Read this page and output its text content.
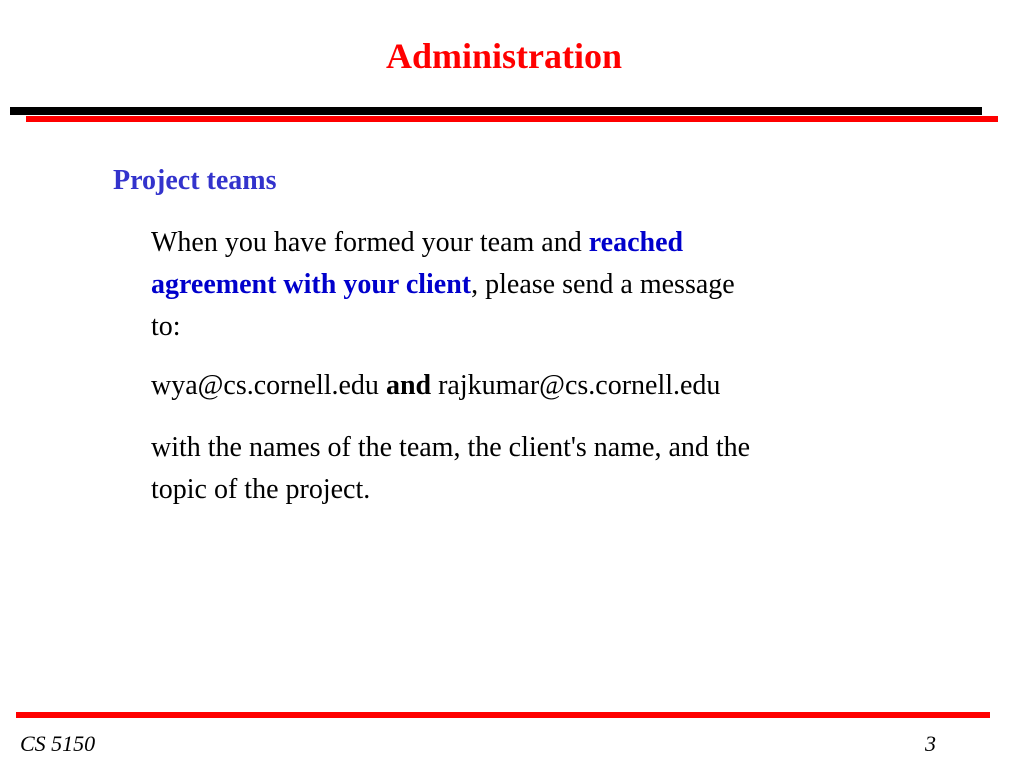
Administration
Project teams

When you have formed your team and reached
agreement with your client, please send a message
to:

wya@cs.cornell.edu and rajkumar@cs.cornell.edu

with the names of the team, the client's name, and the
topic of the project.

CS 5150	3
